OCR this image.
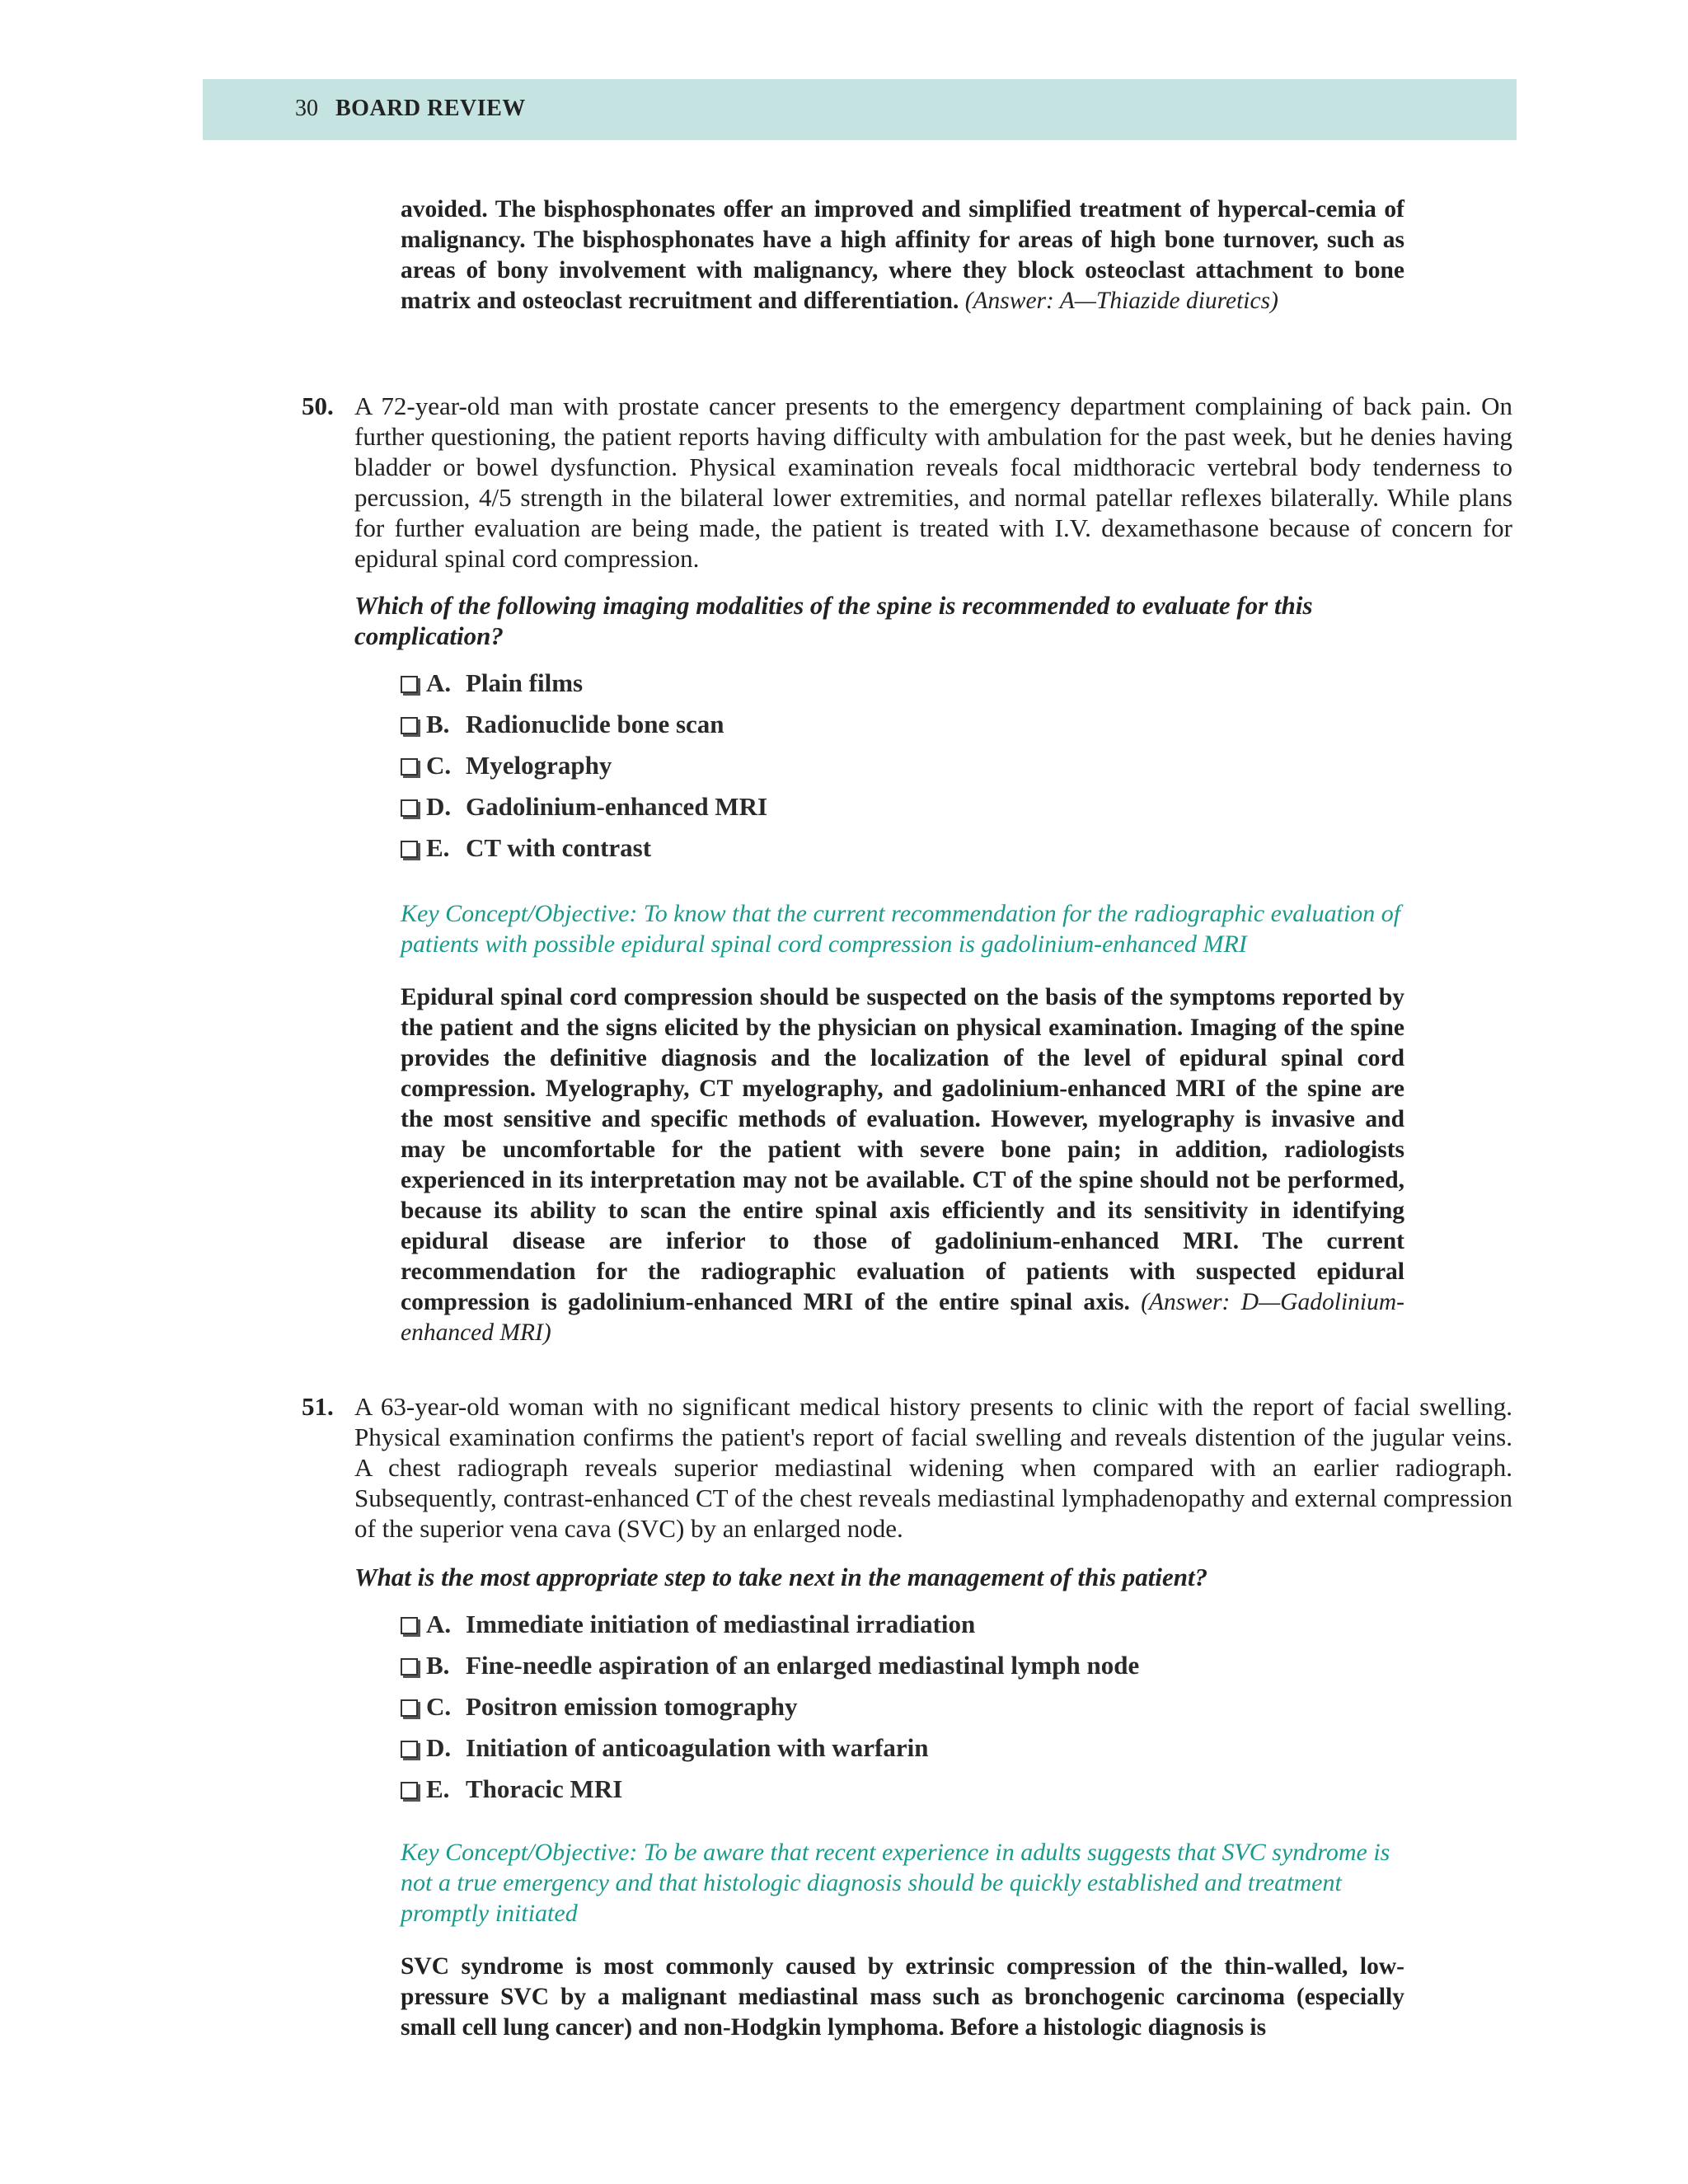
30 BOARD REVIEW
avoided. The bisphosphonates offer an improved and simplified treatment of hypercal-cemia of malignancy. The bisphosphonates have a high affinity for areas of high bone turnover, such as areas of bony involvement with malignancy, where they block osteoclast attachment to bone matrix and osteoclast recruitment and differentiation. (Answer: A—Thiazide diuretics)
50. A 72-year-old man with prostate cancer presents to the emergency department complaining of back pain. On further questioning, the patient reports having difficulty with ambulation for the past week, but he denies having bladder or bowel dysfunction. Physical examination reveals focal midthoracic vertebral body tenderness to percussion, 4/5 strength in the bilateral lower extremities, and normal patellar reflexes bilaterally. While plans for further evaluation are being made, the patient is treated with I.V. dexamethasone because of concern for epidural spinal cord compression.
Which of the following imaging modalities of the spine is recommended to evaluate for this complication?
A. Plain films
B. Radionuclide bone scan
C. Myelography
D. Gadolinium-enhanced MRI
E. CT with contrast
Key Concept/Objective: To know that the current recommendation for the radiographic evaluation of patients with possible epidural spinal cord compression is gadolinium-enhanced MRI
Epidural spinal cord compression should be suspected on the basis of the symptoms reported by the patient and the signs elicited by the physician on physical examination. Imaging of the spine provides the definitive diagnosis and the localization of the level of epidural spinal cord compression. Myelography, CT myelography, and gadolinium-enhanced MRI of the spine are the most sensitive and specific methods of evaluation. However, myelography is invasive and may be uncomfortable for the patient with severe bone pain; in addition, radiologists experienced in its interpretation may not be available. CT of the spine should not be performed, because its ability to scan the entire spinal axis efficiently and its sensitivity in identifying epidural disease are inferior to those of gadolinium-enhanced MRI. The current recommendation for the radiographic evaluation of patients with suspected epidural compression is gadolinium-enhanced MRI of the entire spinal axis. (Answer: D—Gadolinium-enhanced MRI)
51. A 63-year-old woman with no significant medical history presents to clinic with the report of facial swelling. Physical examination confirms the patient's report of facial swelling and reveals distention of the jugular veins. A chest radiograph reveals superior mediastinal widening when compared with an earlier radiograph. Subsequently, contrast-enhanced CT of the chest reveals mediastinal lymphadenopathy and external compression of the superior vena cava (SVC) by an enlarged node.
What is the most appropriate step to take next in the management of this patient?
A. Immediate initiation of mediastinal irradiation
B. Fine-needle aspiration of an enlarged mediastinal lymph node
C. Positron emission tomography
D. Initiation of anticoagulation with warfarin
E. Thoracic MRI
Key Concept/Objective: To be aware that recent experience in adults suggests that SVC syndrome is not a true emergency and that histologic diagnosis should be quickly established and treatment promptly initiated
SVC syndrome is most commonly caused by extrinsic compression of the thin-walled, low-pressure SVC by a malignant mediastinal mass such as bronchogenic carcinoma (especially small cell lung cancer) and non-Hodgkin lymphoma. Before a histologic diagnosis is
